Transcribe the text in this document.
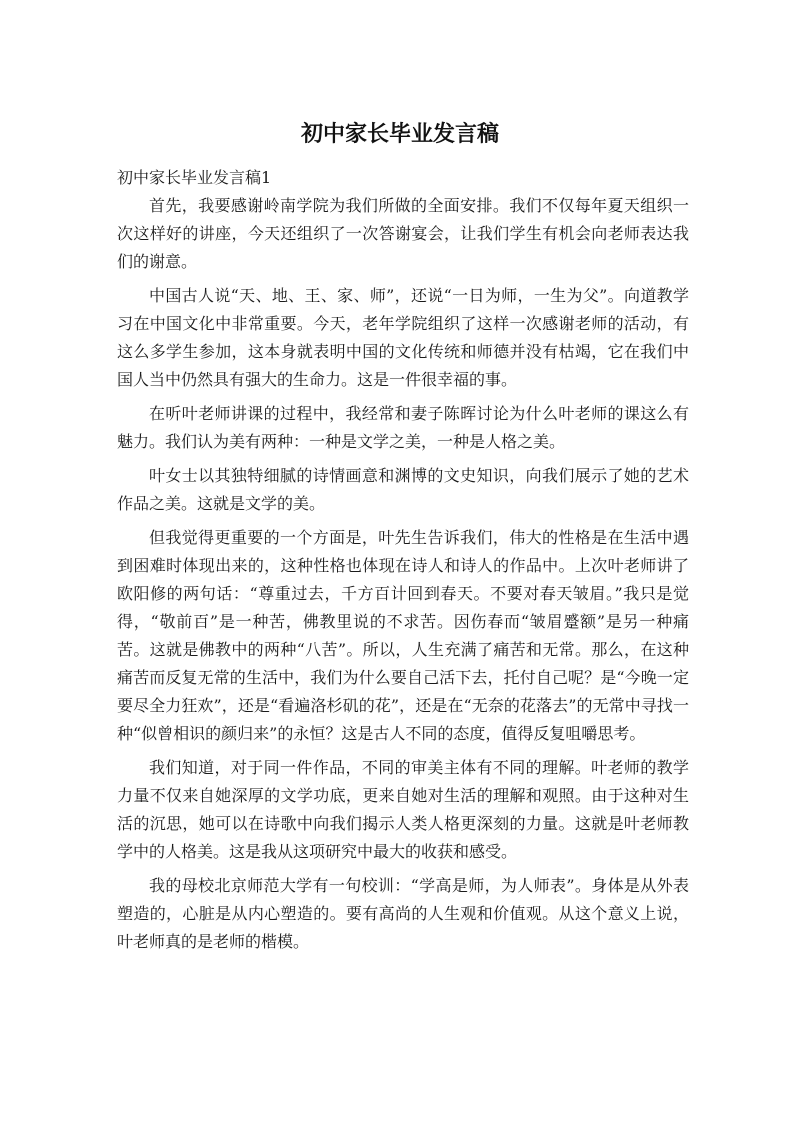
初中家长毕业发言稿

初中家长毕业发言稿1

首先，我要感谢岭南学院为我们所做的全面安排。我们不仅每年夏天组织一次这样好的讲座，今天还组织了一次答谢宴会，让我们学生有机会向老师表达我们的谢意。

中国古人说“天、地、王、家、师”，还说“一日为师，一生为父”。向道教学习在中国文化中非常重要。今天，老年学院组织了这样一次感谢老师的活动，有这么多学生参加，这本身就表明中国的文化传统和师德并没有枯竭，它在我们中国人当中仍然具有强大的生命力。这是一件很幸福的事。

在听叶老师讲课的过程中，我经常和妻子陈晖讨论为什么叶老师的课这么有魅力。我们认为美有两种：一种是文学之美，一种是人格之美。

叶女士以其独特细腻的诗情画意和渊博的文史知识，向我们展示了她的艺术作品之美。这就是文学的美。

但我觉得更重要的一个方面是，叶先生告诉我们，伟大的性格是在生活中遇到困难时体现出来的，这种性格也体现在诗人和诗人的作品中。上次叶老师讲了欧阳修的两句话：“尊重过去，千方百计回到春天。不要对春天皱眉。”我只是觉得，“敬前百”是一种苦，佛教里说的不求苦。因伤春而“皱眉蹙额”是另一种痛苦。这就是佛教中的两种“八苦”。所以，人生充满了痛苦和无常。那么，在这种痛苦而反复无常的生活中，我们为什么要自己活下去，托付自己呢？是“今晚一定要尽全力狂欢”，还是“看遍洛杉矶的花”，还是在“无奈的花落去”的无常中寻找一种“似曾相识的颜归来”的永恒？这是古人不同的态度，值得反复咀嚼思考。

我们知道，对于同一件作品，不同的审美主体有不同的理解。叶老师的教学力量不仅来自她深厚的文学功底，更来自她对生活的理解和观照。由于这种对生活的沉思，她可以在诗歌中向我们揭示人类人格更深刻的力量。这就是叶老师教学中的人格美。这是我从这项研究中最大的收获和感受。

我的母校北京师范大学有一句校训：“学高是师，为人师表”。身体是从外表塑造的，心脏是从内心塑造的。要有高尚的人生观和价值观。从这个意义上说，叶老师真的是老师的楷模。
